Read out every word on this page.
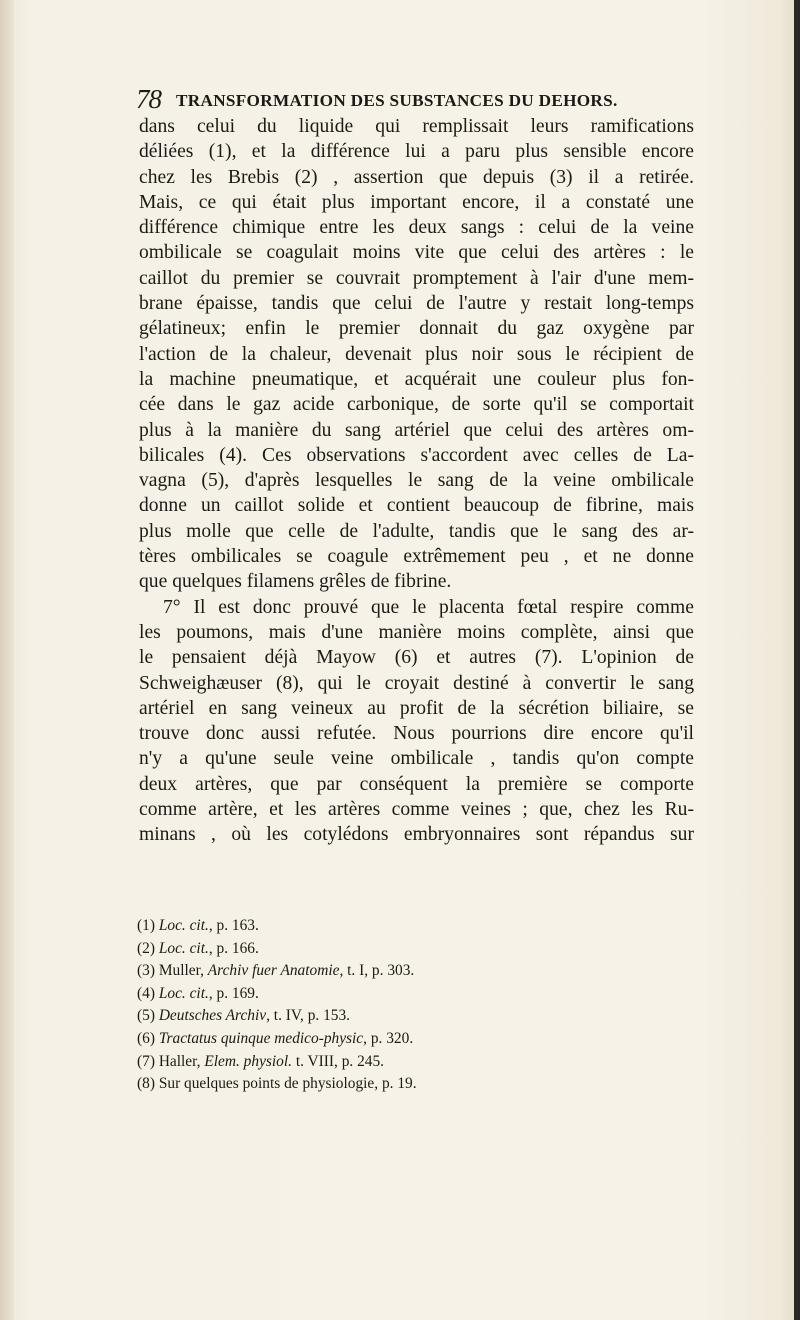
78 TRANSFORMATION DES SUBSTANCES DU DEHORS.
dans celui du liquide qui remplissait leurs ramifications
déliées (1), et la différence lui a paru plus sensible encore
chez les Brebis (2) , assertion que depuis (3) il a retirée.
Mais, ce qui était plus important encore, il a constaté une
différence chimique entre les deux sangs : celui de la veine
ombilicale se coagulait moins vite que celui des artères : le
caillot du premier se couvrait promptement à l'air d'une mem-
brane épaisse, tandis que celui de l'autre y restait long-temps
gélatineux; enfin le premier donnait du gaz oxygène par
l'action de la chaleur, devenait plus noir sous le récipient de
la machine pneumatique, et acquérait une couleur plus fon-
cée dans le gaz acide carbonique, de sorte qu'il se comportait
plus à la manière du sang artériel que celui des artères om-
bilicales (4). Ces observations s'accordent avec celles de La-
vagna (5), d'après lesquelles le sang de la veine ombilicale
donne un caillot solide et contient beaucoup de fibrine, mais
plus molle que celle de l'adulte, tandis que le sang des ar-
tères ombilicales se coagule extrêmement peu , et ne donne
que quelques filamens grêles de fibrine.
7° Il est donc prouvé que le placenta fœtal respire comme
les poumons, mais d'une manière moins complète, ainsi que
le pensaient déjà Mayow (6) et autres (7). L'opinion de
Schweighæuser (8), qui le croyait destiné à convertir le sang
artériel en sang veineux au profit de la sécrétion biliaire, se
trouve donc aussi refutée. Nous pourrions dire encore qu'il
n'y a qu'une seule veine ombilicale , tandis qu'on compte
deux artères, que par conséquent la première se comporte
comme artère, et les artères comme veines ; que, chez les Ru-
minans , où les cotylédons embryonnaires sont répandus sur
(1) Loc. cit., p. 163.
(2) Loc. cit., p. 166.
(3) Muller, Archiv fuer Anatomie, t. I, p. 303.
(4) Loc. cit., p. 169.
(5) Deutsches Archiv, t. IV, p. 153.
(6) Tractatus quinque medico-physic, p. 320.
(7) Haller, Elem. physiol. t. VIII, p. 245.
(8) Sur quelques points de physiologie, p. 19.
